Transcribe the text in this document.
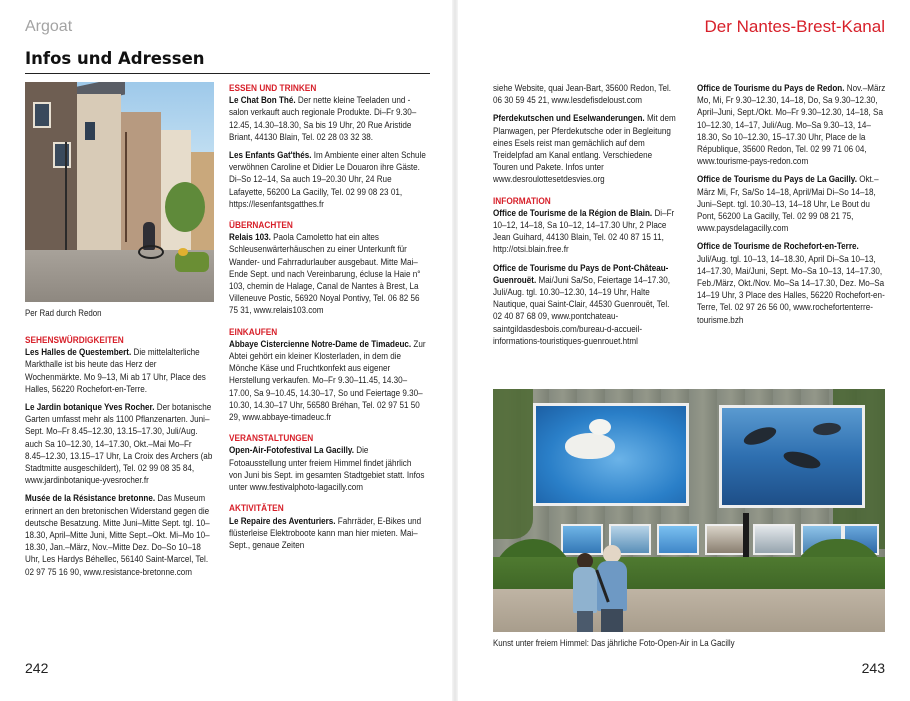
Argoat
Infos und Adressen
Per Rad durch Redon
SEHENSWÜRDIGKEITEN

Les Halles de Questembert. Die mittelalterliche Markthalle ist bis heute das Herz der Wochenmärkte. Mo 9–13, Mi ab 17 Uhr, Place des Halles, 56220 Rochefort-en-Terre.

Le Jardin botanique Yves Rocher. Der botanische Garten umfasst mehr als 1100 Pflanzenarten. Juni–Sept. Mo–Fr 8.45–12.30, 13.15–17.30, Juli/Aug. auch Sa 10–12.30, 14–17.30, Okt.–Mai Mo–Fr 8.45–12.30, 13.15–17 Uhr, La Croix des Archers (ab Stadtmitte ausgeschildert), Tel. 02 99 08 35 84, www.jardinbotanique-yvesrocher.fr

Musée de la Résistance bretonne. Das Museum erinnert an den bretonischen Widerstand gegen die deutsche Besatzung. Mitte Juni–Mitte Sept. tgl. 10–18.30, April–Mitte Juni, Mitte Sept.–Okt. Mi–Mo 10–18.30, Jan.–März, Nov.–Mitte Dez. Do–So 10–18 Uhr, Les Hardys Béhellec, 56140 Saint-Marcel, Tel. 02 97 75 16 90, www.resistance-bretonne.com

ESSEN UND TRINKEN

Le Chat Bon Thé. Der nette kleine Teeladen und -salon verkauft auch regionale Produkte. Di–Fr 9.30–12.45, 14.30–18.30, Sa bis 19 Uhr, 20 Rue Aristide Briant, 44130 Blain, Tel. 02 28 03 32 38.

Les Enfants Gat'thés. Im Ambiente einer alten Schule verwöhnen Caroline et Didier Le Douaron ihre Gäste. Di–So 12–14, Sa auch 19–20.30 Uhr, 24 Rue Lafayette, 56200 La Gacilly, Tel. 02 99 08 23 01, https://lesenfantsgatthes.fr

ÜBERNACHTEN

Relais 103. Paola Camoletto hat ein altes Schleusenwärterhäuschen zu einer Unterkunft für Wander- und Fahrradurlauber ausgebaut. Mitte Mai–Ende Sept. und nach Vereinbarung, écluse la Haie n° 103, chemin de Halage, Canal de Nantes à Brest, La Villeneuve Postic, 56920 Noyal Pontivy, Tel. 06 82 56 75 31, www.relais103.com

EINKAUFEN

Abbaye Cistercienne Notre-Dame de Timadeuc. Zur Abtei gehört ein kleiner Klosterladen, in dem die Mönche Käse und Fruchtkonfekt aus eigener Herstellung verkaufen. Mo–Fr 9.30–11.45, 14.30–17.00, Sa 9–10.45, 14.30–17, So und Feiertage 9.30–10.30, 14.30–17 Uhr, 56580 Bréhan, Tel. 02 97 51 50 29, www.abbaye-timadeuc.fr

VERANSTALTUNGEN

Open-Air-Fotofestival La Gacilly. Die Fotoausstellung unter freiem Himmel findet jährlich von Juni bis Sept. im gesamten Stadtgebiet statt. Infos unter www.festivalphoto-lagacilly.com

AKTIVITÄTEN

Le Repaire des Aventuriers. Fahrräder, E-Bikes und flüsterleise Elektroboote kann man hier mieten. Mai–Sept., genaue Zeiten

242
Der Nantes-Brest-Kanal

siehe Website, quai Jean-Bart, 35600 Redon, Tel. 06 30 59 45 21, www.lesdefisdeloust.com

Pferdekutschen und Eselwanderungen. Mit dem Planwagen, per Pferdekutsche oder in Begleitung eines Esels reist man gemächlich auf dem Treidelpfad am Kanal entlang. Verschiedene Touren und Pakete. Infos unter www.desroulottesetdesvies.org

INFORMATION

Office de Tourisme de la Région de Blain. Di–Fr 10–12, 14–18, Sa 10–12, 14–17.30 Uhr, 2 Place Jean Guihard, 44130 Blain, Tel. 02 40 87 15 11, http://otsi.blain.free.fr

Office de Tourisme du Pays de Pont-Château-Guenrouët. Mai/Juni Sa/So, Feiertage 14–17.30, Juli/Aug. tgl. 10.30–12.30, 14–19 Uhr, Halte Nautique, quai Saint-Clair, 44530 Guenrouët, Tel. 02 40 87 68 09, www.pontchateau-saintgildasdesbois.com/bureau-d-accueil-informations-touristiques-guenrouet.html

Office de Tourisme du Pays de Redon. Nov.–März Mo, Mi, Fr 9.30–12.30, 14–18, Do, Sa 9.30–12.30, April–Juni, Sept./Okt. Mo–Fr 9.30–12.30, 14–18, Sa 10–12.30, 14–17, Juli/Aug. Mo–Sa 9.30–13, 14–18.30, So 10–12.30, 15–17.30 Uhr, Place de la République, 35600 Redon, Tel. 02 99 71 06 04, www.tourisme-pays-redon.com

Office de Tourisme du Pays de La Gacilly. Okt.–März Mi, Fr, Sa/So 14–18, April/Mai Di–So 14–18, Juni–Sept. tgl. 10.30–13, 14–18 Uhr, Le Bout du Pont, 56200 La Gacilly, Tel. 02 99 08 21 75, www.paysdelagacilly.com

Office de Tourisme de Rochefort-en-Terre. Juli/Aug. tgl. 10–13, 14–18.30, April Di–Sa 10–13, 14–17.30, Mai/Juni, Sept. Mo–Sa 10–13, 14–17.30, Feb./März, Okt./Nov. Mo–Sa 14–17.30, Dez. Mo–Sa 14–19 Uhr, 3 Place des Halles, 56220 Rochefort-en-Terre, Tel. 02 97 26 56 00, www.rochefortenterre-tourisme.bzh

Kunst unter freiem Himmel: Das jährliche Foto-Open-Air in La Gacilly
243
